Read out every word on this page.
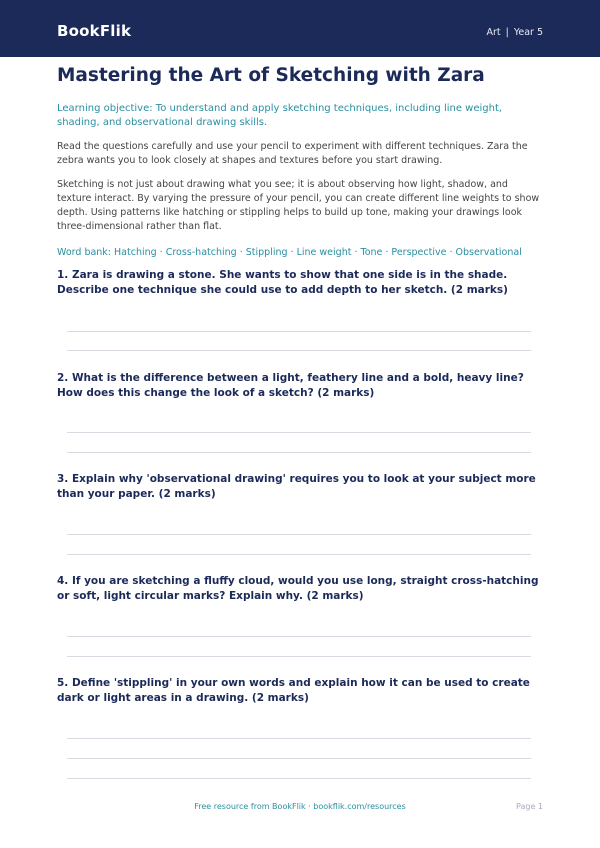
BookFlik	Art | Year 5
Mastering the Art of Sketching with Zara
Learning objective: To understand and apply sketching techniques, including line weight, shading, and observational drawing skills.
Read the questions carefully and use your pencil to experiment with different techniques. Zara the zebra wants you to look closely at shapes and textures before you start drawing.
Sketching is not just about drawing what you see; it is about observing how light, shadow, and texture interact. By varying the pressure of your pencil, you can create different line weights to show depth. Using patterns like hatching or stippling helps to build up tone, making your drawings look three-dimensional rather than flat.
Word bank: Hatching · Cross-hatching · Stippling · Line weight · Tone · Perspective · Observational
1. Zara is drawing a stone. She wants to show that one side is in the shade. Describe one technique she could use to add depth to her sketch. (2 marks)
2. What is the difference between a light, feathery line and a bold, heavy line? How does this change the look of a sketch? (2 marks)
3. Explain why 'observational drawing' requires you to look at your subject more than your paper. (2 marks)
4. If you are sketching a fluffy cloud, would you use long, straight cross-hatching or soft, light circular marks? Explain why. (2 marks)
5. Define 'stippling' in your own words and explain how it can be used to create dark or light areas in a drawing. (2 marks)
Free resource from BookFlik · bookflik.com/resources	Page 1
